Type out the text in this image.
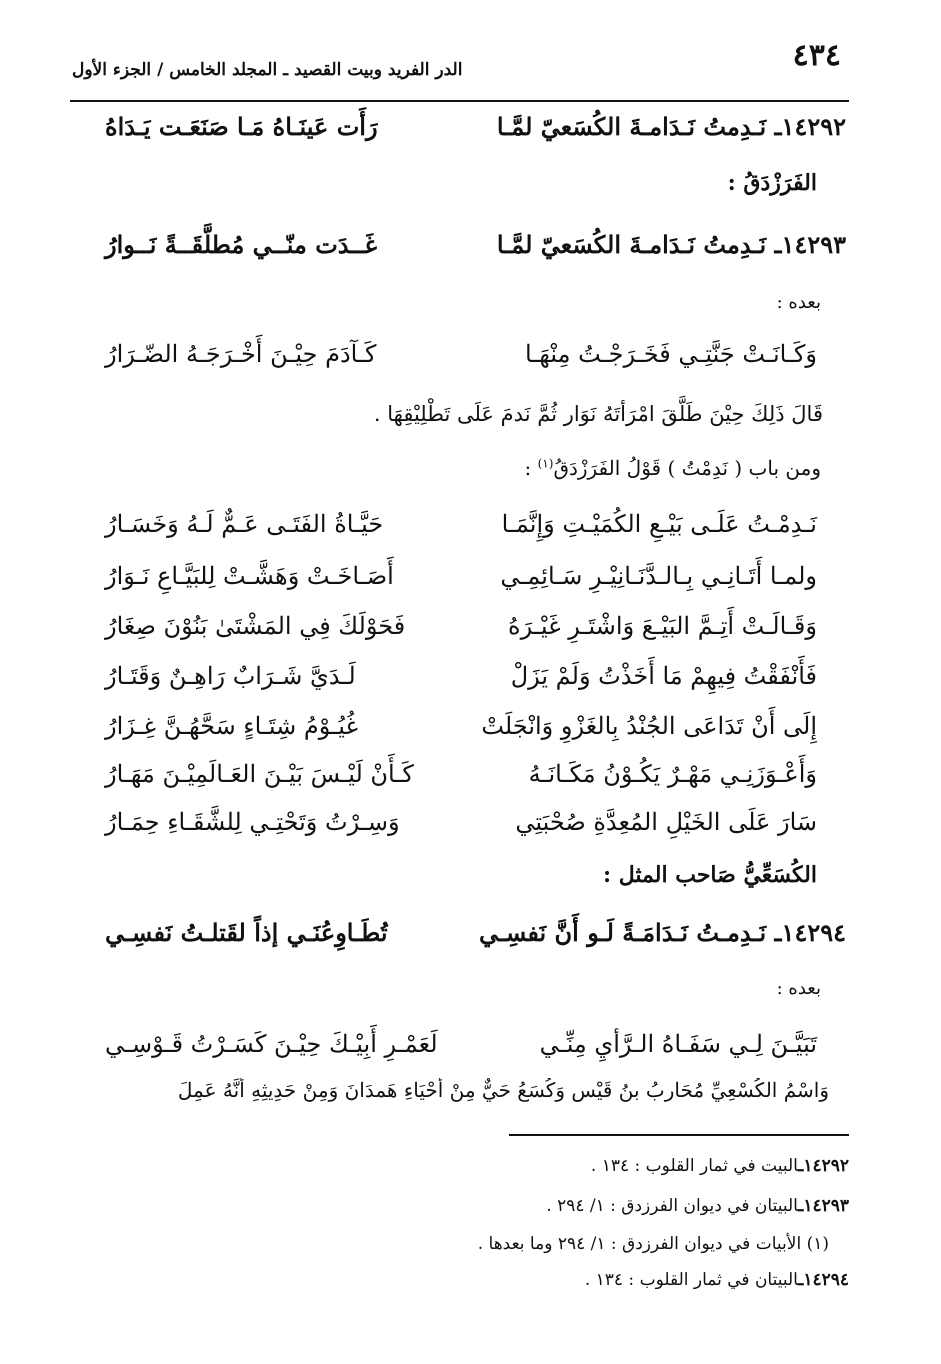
٤٣٤
الدر الفريد وبيت القصيد ـ المجلد الخامس / الجزء الأول
١٤٢٩٢ـ نَـدِمتُ نَـدَامـةَ الكُسَعيّ لمَّـا
رَأَت عَينَـاهُ مَـا صَنَعَـت يَـدَاهُ
الفَرَزْدَقُ :
١٤٢٩٣ـ نَـدِمتُ نَـدَامـةَ الكُسَعيّ لمَّـا
غَــدَت منّــي مُطلَّقَــةً نَــوارُ
بعده :
وَكَـانَـتْ جَنَّتِـي فَخَـرَجْـتُ مِنْهَـا
كَـآدَمَ حِيْـنَ أَخْـرَجَـهُ الضّـرَارُ
قَالَ ذَلِكَ حِيْنَ طَلَّقَ امْرَأتَهُ نَوَار ثُمَّ نَدمَ عَلَى تَطْلِيْقِهَا .
ومن باب ( نَدِمْتُ ) قَوْلُ الفَرَزْدَقُ$^{(١)}$ :
نَـدِمْـتُ عَلَـى بَيْـعِ الكُمَيْـتِ وَإِنَّمَـا
حَيَّـاةُ الفَتَـى عَـمٌّ لَـهُ وَخَسَـارُ
ولمـا أَتَـانِـي بِـالـدَّنَـانِيْـرِ سَـائِمِـي
أَصَـاخَـتْ وَهَشَّـتْ لِلبَيَّـاعِ نَـوَارُ
وَقَـالَـتْ أَتِـمَّ البَيْـعَ وَاشْتَـرِ غَيْـرَهُ
فَحَوْلَكَ فِي المَشْتَىٰ بَنُوْنَ صِغَارُ
فَأَنْفَقْتُ فِيهِمْ مَا أَخَذْتُ وَلَمْ يَزَلْ
لَـدَيَّ شَـرَابٌ رَاهِـنٌ وَقَتَـارُ
إِلَى أَنْ تَدَاعَى الجُنْدُ بِالغَزْوِ وَانْجَلَتْ
غُيُـوْمُ شِتَـاءٍ سَحَّهُـنَّ غِـزَارُ
وَأَعْـوَزَنِـي مَهْـرٌ يَكُـوْنُ مَكَـانَـهُ
كَـأَنْ لَيْـسَ بَيْـنَ العَـالَمِيْـنَ مَهَـارُ
سَارَ عَلَى الخَيْلِ المُعِدَّةِ صُحْبَتِي
وَسِـرْتُ وَتَحْتِـي لِلشَّقَـاءِ حِمَـارُ
الكُسَعِّيُّ صَاحب المثل :
١٤٢٩٤ـ نَـدِمـتُ نَـدَامَـةً لَـو أَنَّ نَفسِـي
تُطَـاوِعُنَـي إذاً لقَتلـتُ نَفسِـي
بعده :
تَبَيَّـنَ لِـي سَفَـاهُ الـرَّأيِ مِنِّـي
لَعَمْـرِ أَبِيْـكَ حِيْـنَ كَسَـرْتُ قَـوْسِـي
وَاسْمُ الكُسْعِيِّ مُحَارِبُ بنُ قَيْسٍ وَكُسَعُ حَيٌّ مِنْ أَحْيَاءِ هَمدَانَ وَمِنْ حَدِيثِهِ أَنَّهُ عَمِلَ
١٤٢٩٢ـالبيت في ثمار القلوب : ١٣٤ .
١٤٢٩٣ـالبيتان في ديوان الفرزدق : ١/ ٢٩٤ .
(١) الأبيات في ديوان الفرزدق : ١/ ٢٩٤ وما بعدها .
١٤٢٩٤ـالبيتان في ثمار القلوب : ١٣٤ .
